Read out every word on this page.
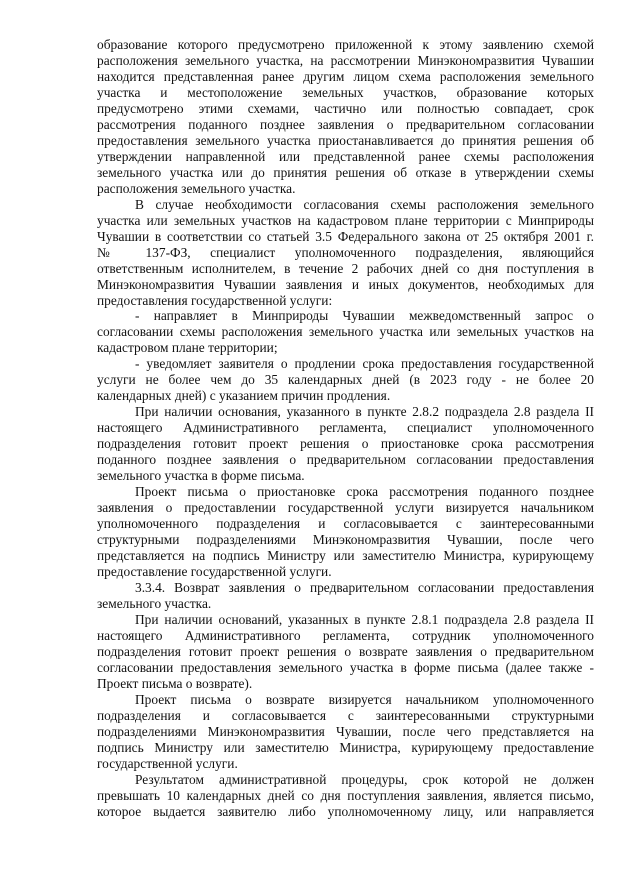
образование которого предусмотрено приложенной к этому заявлению схемой
расположения земельного участка, на рассмотрении Минэкономразвития Чувашии
находится представленная ранее другим лицом схема расположения земельного
участка и местоположение земельных участков, образование которых
предусмотрено этими схемами, частично или полностью совпадает, срок
рассмотрения поданного позднее заявления о предварительном согласовании
предоставления земельного участка приостанавливается до принятия решения об
утверждении направленной или представленной ранее схемы расположения
земельного участка или до принятия решения об отказе в утверждении схемы
расположения земельного участка.
В случае необходимости согласования схемы расположения земельного
участка или земельных участков на кадастровом плане территории с Минприроды
Чувашии в соответствии со статьей 3.5 Федерального закона от 25 октября 2001 г.
№ 137-ФЗ, специалист уполномоченного подразделения, являющийся
ответственным исполнителем, в течение 2 рабочих дней со дня поступления в
Минэкономразвития Чувашии заявления и иных документов, необходимых для
предоставления государственной услуги:
- направляет в Минприроды Чувашии межведомственный запрос о
согласовании схемы расположения земельного участка или земельных участков на
кадастровом плане территории;
- уведомляет заявителя о продлении срока предоставления государственной
услуги не более чем до 35 календарных дней (в 2023 году - не более 20
календарных дней) с указанием причин продления.
При наличии основания, указанного в пункте 2.8.2 подраздела 2.8 раздела II
настоящего Административного регламента, специалист уполномоченного
подразделения готовит проект решения о приостановке срока рассмотрения
поданного позднее заявления о предварительном согласовании предоставления
земельного участка в форме письма.
Проект письма о приостановке срока рассмотрения поданного позднее
заявления о предоставлении государственной услуги визируется начальником
уполномоченного подразделения и согласовывается с заинтересованными
структурными подразделениями Минэкономразвития Чувашии, после чего
представляется на подпись Министру или заместителю Министра, курирующему
предоставление государственной услуги.
3.3.4. Возврат заявления о предварительном согласовании предоставления
земельного участка.
При наличии оснований, указанных в пункте 2.8.1 подраздела 2.8 раздела II
настоящего Административного регламента, сотрудник уполномоченного
подразделения готовит проект решения о возврате заявления о предварительном
согласовании предоставления земельного участка в форме письма (далее также -
Проект письма о возврате).
Проект письма о возврате визируется начальником уполномоченного
подразделения и согласовывается с заинтересованными структурными
подразделениями Минэкономразвития Чувашии, после чего представляется на
подпись Министру или заместителю Министра, курирующему предоставление
государственной услуги.
Результатом административной процедуры, срок которой не должен
превышать 10 календарных дней со дня поступления заявления, является письмо,
которое выдается заявителю либо уполномоченному лицу, или направляется
